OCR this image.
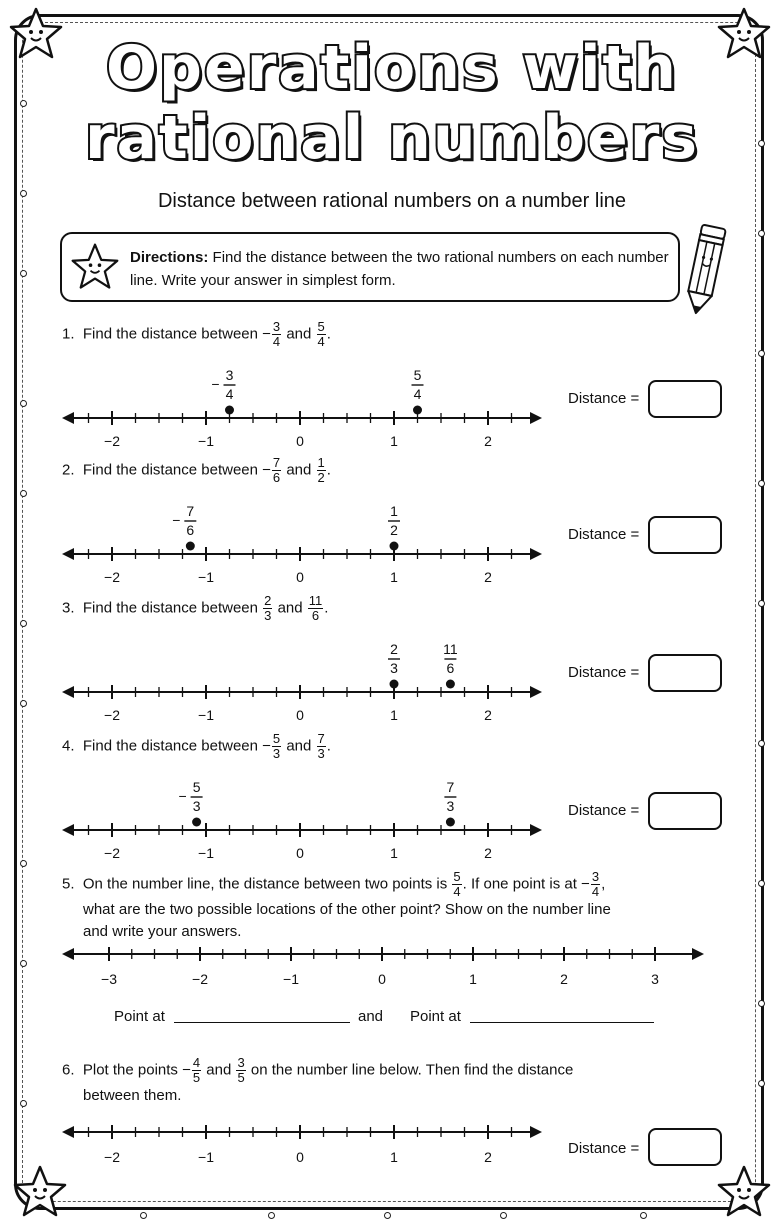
Operations with
rational numbers
Distance between rational numbers on a number line
Directions: Find the distance between the two rational numbers on each number line. Write your answer in simplest form.
1. Find the distance between − $\frac{3}{4}$ and $\frac{5}{4}$ .
−2	−1	0	1	2
3
4
−
5
4	Distance =
2. Find the distance between − $\frac{7}{6}$ and $\frac{1}{2}$ .
−2	−1	0	1	2
7
6
−
1
2	Distance =
3. Find the distance between $\frac{2}{3}$ and $\frac{11}{6}$ .
−2	−1	0	1	2
2
3
11
6	Distance =
4. Find the distance between − $\frac{5}{3}$ and $\frac{7}{3}$ .
−2	−1	0	1	2
5
3
−
7
3	Distance =
5. On the number line, the distance between two points is $\frac{5}{4}$ . If one point is at − $\frac{3}{4}$ ,
what are the two possible locations of the other point? Show on the number line
and write your answers.
−3	−2	−1	0	1	2	3
Point at	and Point at
6. Plot the points − $\frac{4}{5}$ and $\frac{3}{5}$ on the number line below. Then find the distance
between them.
−2	−1	0	1	2	Distance =
